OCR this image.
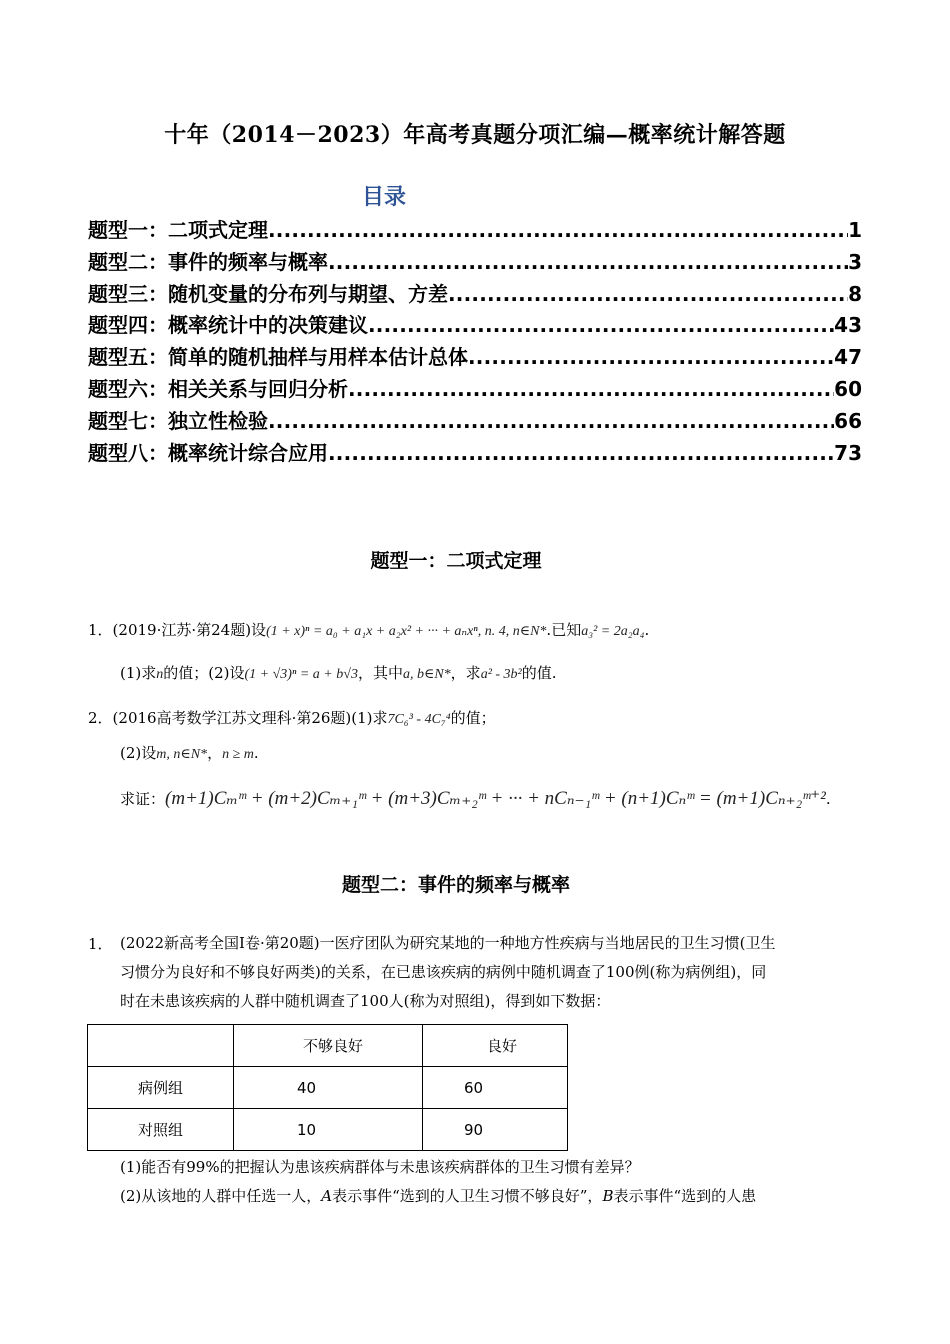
十年（2014－2023）年高考真题分项汇编—概率统计解答题
目录
题型一：二项式定理 .....	1
题型二：事件的频率与概率 .....	3
题型三：随机变量的分布列与期望、方差 .....	8
题型四：概率统计中的决策建议 .....	43
题型五：简单的随机抽样与用样本估计总体 .....	47
题型六：相关关系与回归分析 .....	60
题型七：独立性检验 .....	66
题型八：概率统计综合应用 .....	73
题型一：二项式定理
1．(2019·江苏·第24题)设(1 + x)ⁿ = a₀ + a₁x + a₂x² + ··· + aₙxⁿ, n. 4, n∈N*.已知a₃² = 2a₂a₄.
(1)求n的值；(2)设(1 + √3)ⁿ = a + b√3，其中a, b∈N*，求a² - 3b²的值.
2．(2016高考数学江苏文理科·第26题)(1)求7C₆³ - 4C₇⁴的值；
(2)设m, n∈N*，n ≥ m.
求证：(m+1)Cₘᵐ + (m+2)Cₘ₊₁ᵐ + (m+3)Cₘ₊₂ᵐ + ··· + nCₙ₋₁ᵐ + (n+1)Cₙᵐ = (m+1)Cₙ₊₂ᵐ⁺².
题型二：事件的频率与概率
1． (2022新高考全国I卷·第20题)一医疗团队为研究某地的一种地方性疾病与当地居民的卫生习惯(卫生
习惯分为良好和不够良好两类)的关系，在已患该疾病的病例中随机调查了100例(称为病例组)，同
时在未患该疾病的人群中随机调查了100人(称为对照组)，得到如下数据：
	不够良好	良好
病例组	40	60
对照组	10	90
(1)能否有99%的把握认为患该疾病群体与未患该疾病群体的卫生习惯有差异？
(2)从该地的人群中任选一人，A表示事件“选到的人卫生习惯不够良好”，B表示事件“选到的人患
